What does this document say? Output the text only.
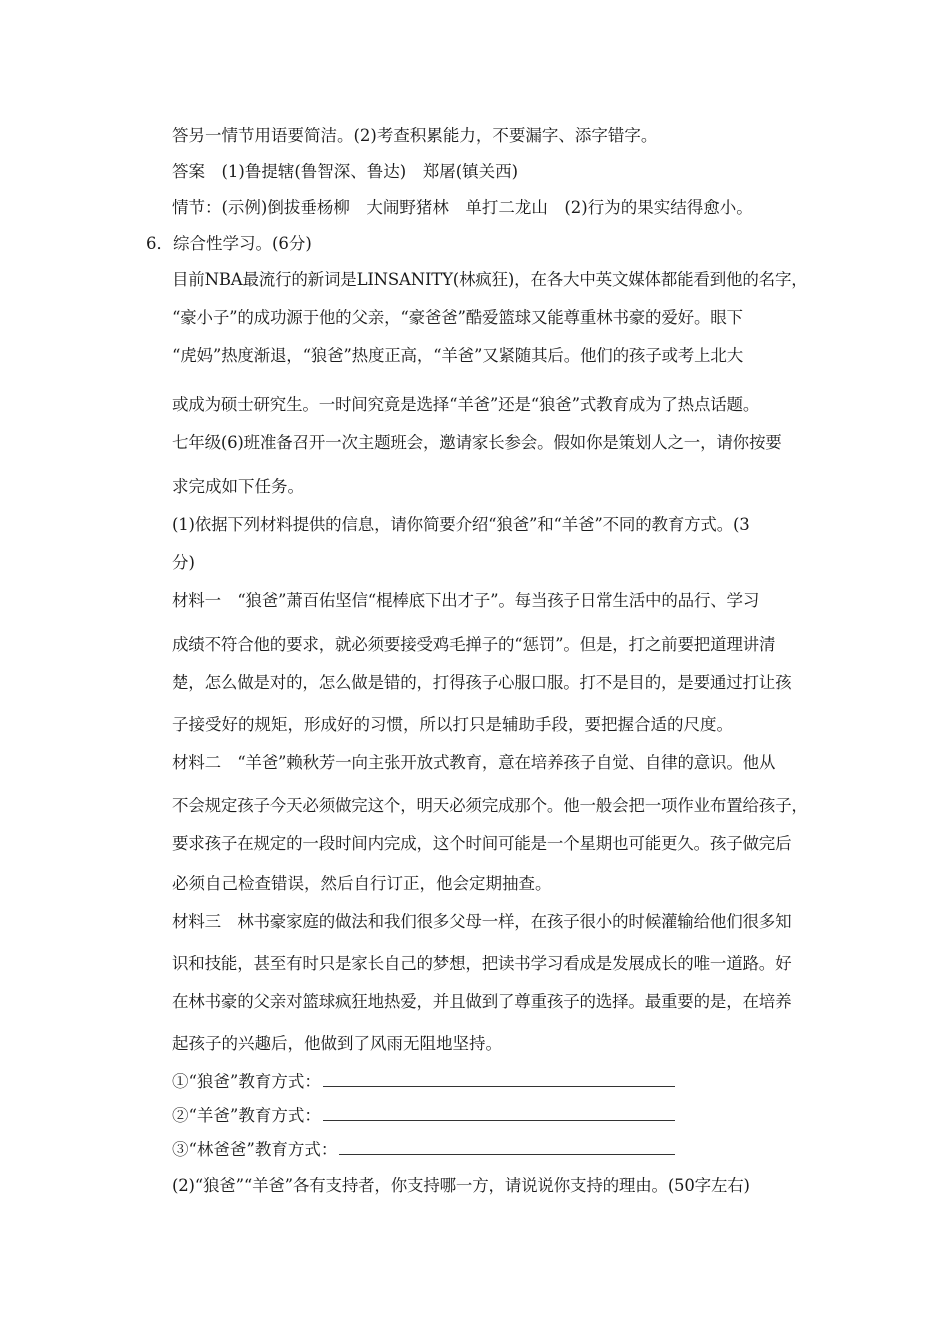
答另一情节用语要简洁。(2)考查积累能力，不要漏字、添字错字。
答案　(1)鲁提辖(鲁智深、鲁达)　郑屠(镇关西)
情节：(示例)倒拔垂杨柳　大闹野猪林　单打二龙山　(2)行为的果实结得愈小。
6．综合性学习。(6分)
目前NBA最流行的新词是LINSANITY(林疯狂)，在各大中英文媒体都能看到他的名字，
“豪小子”的成功源于他的父亲，“豪爸爸”酷爱篮球又能尊重林书豪的爱好。眼下
“虎妈”热度渐退，“狼爸”热度正高，“羊爸”又紧随其后。他们的孩子或考上北大
或成为硕士研究生。一时间究竟是选择“羊爸”还是“狼爸”式教育成为了热点话题。
七年级(6)班准备召开一次主题班会，邀请家长参会。假如你是策划人之一，请你按要
求完成如下任务。
(1)依据下列材料提供的信息，请你简要介绍“狼爸”和“羊爸”不同的教育方式。(3
分)
材料一　“狼爸”萧百佑坚信“棍棒底下出才子”。每当孩子日常生活中的品行、学习
成绩不符合他的要求，就必须要接受鸡毛掸子的“惩罚”。但是，打之前要把道理讲清
楚，怎么做是对的，怎么做是错的，打得孩子心服口服。打不是目的，是要通过打让孩
子接受好的规矩，形成好的习惯，所以打只是辅助手段，要把握合适的尺度。
材料二　“羊爸”赖秋芳一向主张开放式教育，意在培养孩子自觉、自律的意识。他从
不会规定孩子今天必须做完这个，明天必须完成那个。他一般会把一项作业布置给孩子，
要求孩子在规定的一段时间内完成，这个时间可能是一个星期也可能更久。孩子做完后
必须自己检查错误，然后自行订正，他会定期抽查。
材料三　林书豪家庭的做法和我们很多父母一样，在孩子很小的时候灌输给他们很多知
识和技能，甚至有时只是家长自己的梦想，把读书学习看成是发展成长的唯一道路。好
在林书豪的父亲对篮球疯狂地热爱，并且做到了尊重孩子的选择。最重要的是，在培养
起孩子的兴趣后，他做到了风雨无阻地坚持。
①“狼爸”教育方式：
②“羊爸”教育方式：
③“林爸爸”教育方式：
(2)“狼爸”“羊爸”各有支持者，你支持哪一方，请说说你支持的理由。(50字左右)
